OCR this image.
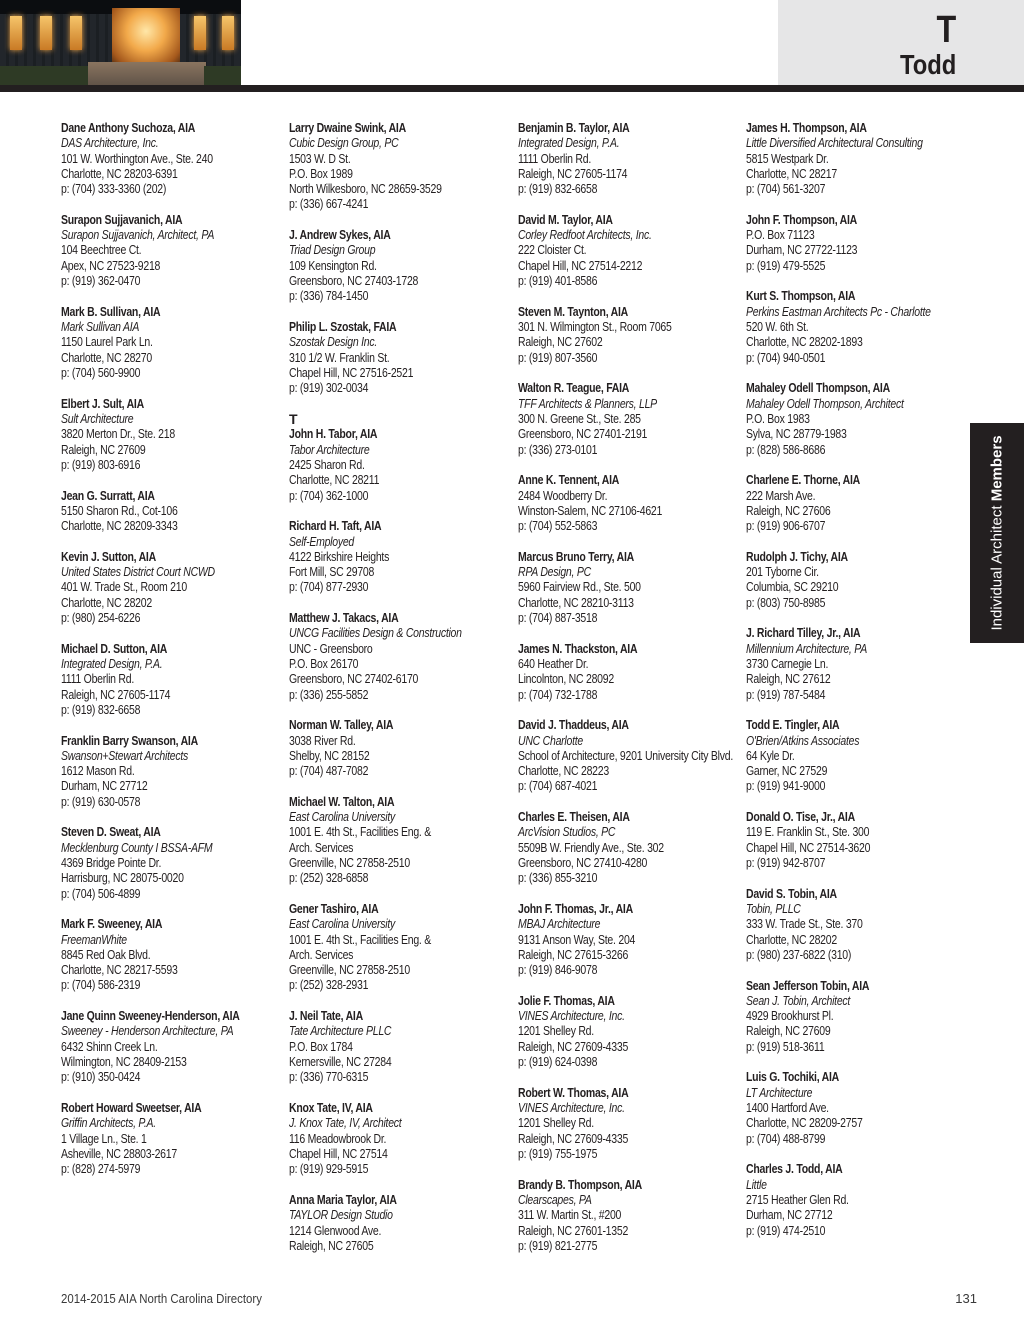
T
Todd
Dane Anthony Suchoza, AIA
DAS Architecture, Inc.
101 W. Worthington Ave., Ste. 240
Charlotte, NC 28203-6391
p: (704) 333-3360 (202)
Surapon Sujjavanich, AIA
Surapon Sujjavanich, Architect, PA
104 Beechtree Ct.
Apex, NC 27523-9218
p: (919) 362-0470
Mark B. Sullivan, AIA
Mark Sullivan AIA
1150 Laurel Park Ln.
Charlotte, NC 28270
p: (704) 560-9900
Elbert J. Sult, AIA
Sult Architecture
3820 Merton Dr., Ste. 218
Raleigh, NC 27609
p: (919) 803-6916
Jean G. Surratt, AIA
5150 Sharon Rd., Cot-106
Charlotte, NC 28209-3343
Kevin J. Sutton, AIA
United States District Court NCWD
401 W. Trade St., Room 210
Charlotte, NC 28202
p: (980) 254-6226
Michael D. Sutton, AIA
Integrated Design, P.A.
1111 Oberlin Rd.
Raleigh, NC 27605-1174
p: (919) 832-6658
Franklin Barry Swanson, AIA
Swanson+Stewart Architects
1612 Mason Rd.
Durham, NC 27712
p: (919) 630-0578
Steven D. Sweat, AIA
Mecklenburg County I BSSA-AFM
4369 Bridge Pointe Dr.
Harrisburg, NC 28075-0020
p: (704) 506-4899
Mark F. Sweeney, AIA
FreemanWhite
8845 Red Oak Blvd.
Charlotte, NC 28217-5593
p: (704) 586-2319
Jane Quinn Sweeney-Henderson, AIA
Sweeney - Henderson Architecture, PA
6432 Shinn Creek Ln.
Wilmington, NC 28409-2153
p: (910) 350-0424
Robert Howard Sweetser, AIA
Griffin Architects, P.A.
1 Village Ln., Ste. 1
Asheville, NC 28803-2617
p: (828) 274-5979
Larry Dwaine Swink, AIA
Cubic Design Group, PC
1503 W. D St.
P.O. Box 1989
North Wilkesboro, NC 28659-3529
p: (336) 667-4241
J. Andrew Sykes, AIA
Triad Design Group
109 Kensington Rd.
Greensboro, NC 27403-1728
p: (336) 784-1450
Philip L. Szostak, FAIA
Szostak Design Inc.
310 1/2 W. Franklin St.
Chapel Hill, NC 27516-2521
p: (919) 302-0034
T
John H. Tabor, AIA
Tabor Architecture
2425 Sharon Rd.
Charlotte, NC 28211
p: (704) 362-1000
Richard H. Taft, AIA
Self-Employed
4122 Birkshire Heights
Fort Mill, SC 29708
p: (704) 877-2930
Matthew J. Takacs, AIA
UNCG Facilities Design & Construction
UNC - Greensboro
P.O. Box 26170
Greensboro, NC 27402-6170
p: (336) 255-5852
Norman W. Talley, AIA
3038 River Rd.
Shelby, NC 28152
p: (704) 487-7082
Michael W. Talton, AIA
East Carolina University
1001 E. 4th St., Facilities Eng. &
Arch. Services
Greenville, NC 27858-2510
p: (252) 328-6858
Gener Tashiro, AIA
East Carolina University
1001 E. 4th St., Facilities Eng. &
Arch. Services
Greenville, NC 27858-2510
p: (252) 328-2931
J. Neil Tate, AIA
Tate Architecture PLLC
P.O. Box 1784
Kernersville, NC 27284
p: (336) 770-6315
Knox Tate, IV, AIA
J. Knox Tate, IV, Architect
116 Meadowbrook Dr.
Chapel Hill, NC 27514
p: (919) 929-5915
Anna Maria Taylor, AIA
TAYLOR Design Studio
1214 Glenwood Ave.
Raleigh, NC 27605
Benjamin B. Taylor, AIA
Integrated Design, P.A.
1111 Oberlin Rd.
Raleigh, NC 27605-1174
p: (919) 832-6658
David M. Taylor, AIA
Corley Redfoot Architects, Inc.
222 Cloister Ct.
Chapel Hill, NC 27514-2212
p: (919) 401-8586
Steven M. Taynton, AIA
301 N. Wilmington St., Room 7065
Raleigh, NC 27602
p: (919) 807-3560
Walton R. Teague, FAIA
TFF Architects & Planners, LLP
300 N. Greene St., Ste. 285
Greensboro, NC 27401-2191
p: (336) 273-0101
Anne K. Tennent, AIA
2484 Woodberry Dr.
Winston-Salem, NC 27106-4621
p: (704) 552-5863
Marcus Bruno Terry, AIA
RPA Design, PC
5960 Fairview Rd., Ste. 500
Charlotte, NC 28210-3113
p: (704) 887-3518
James N. Thackston, AIA
640 Heather Dr.
Lincolnton, NC 28092
p: (704) 732-1788
David J. Thaddeus, AIA
UNC Charlotte
School of Architecture, 9201 University City Blvd.
Charlotte, NC 28223
p: (704) 687-4021
Charles E. Theisen, AIA
ArcVision Studios, PC
5509B W. Friendly Ave., Ste. 302
Greensboro, NC 27410-4280
p: (336) 855-3210
John F. Thomas, Jr., AIA
MBAJ Architecture
9131 Anson Way, Ste. 204
Raleigh, NC 27615-3266
p: (919) 846-9078
Jolie F. Thomas, AIA
VINES Architecture, Inc.
1201 Shelley Rd.
Raleigh, NC 27609-4335
p: (919) 624-0398
Robert W. Thomas, AIA
VINES Architecture, Inc.
1201 Shelley Rd.
Raleigh, NC 27609-4335
p: (919) 755-1975
Brandy B. Thompson, AIA
Clearscapes, PA
311 W. Martin St., #200
Raleigh, NC 27601-1352
p: (919) 821-2775
James H. Thompson, AIA
Little Diversified Architectural Consulting
5815 Westpark Dr.
Charlotte, NC 28217
p: (704) 561-3207
John F. Thompson, AIA
P.O. Box 71123
Durham, NC 27722-1123
p: (919) 479-5525
Kurt S. Thompson, AIA
Perkins Eastman Architects Pc - Charlotte
520 W. 6th St.
Charlotte, NC 28202-1893
p: (704) 940-0501
Mahaley Odell Thompson, AIA
Mahaley Odell Thompson, Architect
P.O. Box 1983
Sylva, NC 28779-1983
p: (828) 586-8686
Charlene E. Thorne, AIA
222 Marsh Ave.
Raleigh, NC 27606
p: (919) 906-6707
Rudolph J. Tichy, AIA
201 Tyborne Cir.
Columbia, SC 29210
p: (803) 750-8985
J. Richard Tilley, Jr., AIA
Millennium Architecture, PA
3730 Carnegie Ln.
Raleigh, NC 27612
p: (919) 787-5484
Todd E. Tingler, AIA
O'Brien/Atkins Associates
64 Kyle Dr.
Garner, NC 27529
p: (919) 941-9000
Donald O. Tise, Jr., AIA
119 E. Franklin St., Ste. 300
Chapel Hill, NC 27514-3620
p: (919) 942-8707
David S. Tobin, AIA
Tobin, PLLC
333 W. Trade St., Ste. 370
Charlotte, NC 28202
p: (980) 237-6822 (310)
Sean Jefferson Tobin, AIA
Sean J. Tobin, Architect
4929 Brookhurst Pl.
Raleigh, NC 27609
p: (919) 518-3611
Luis G. Tochiki, AIA
LT Architecture
1400 Hartford Ave.
Charlotte, NC 28209-2757
p: (704) 488-8799
Charles J. Todd, AIA
Little
2715 Heather Glen Rd.
Durham, NC 27712
p: (919) 474-2510
Individual Architect Members
2014-2015 AIA North Carolina Directory	131
